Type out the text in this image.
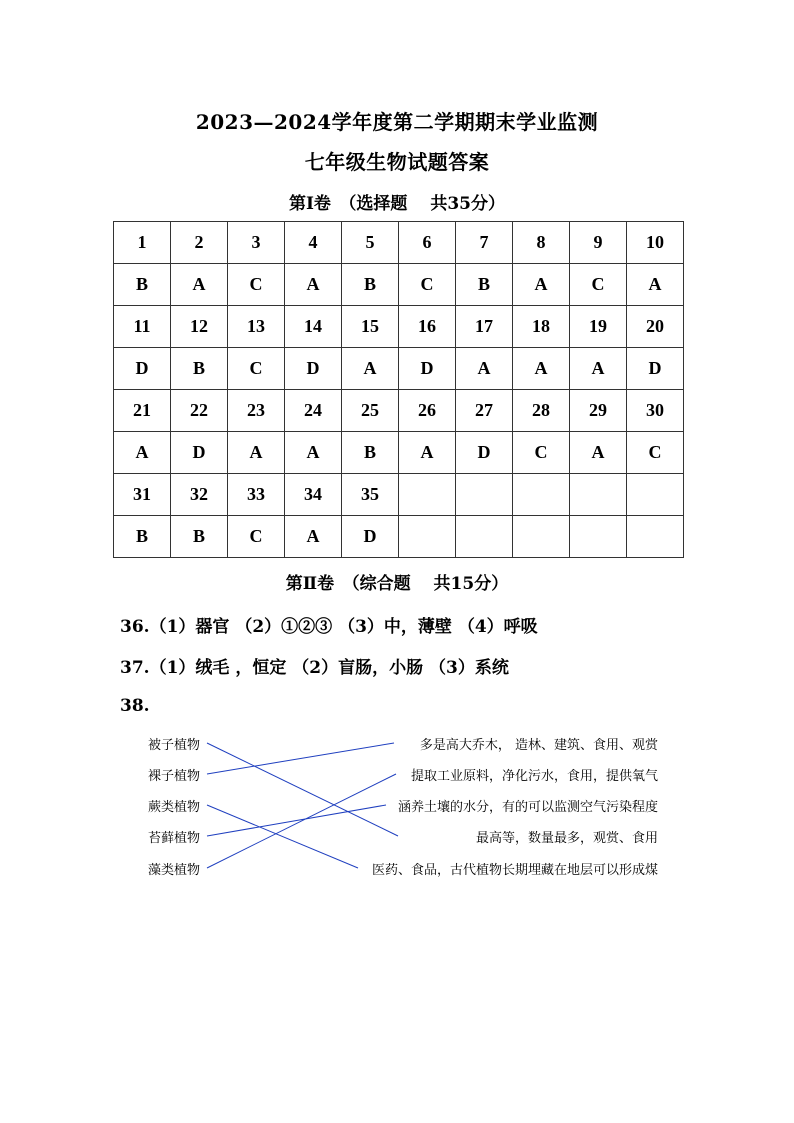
2023—2024学年度第二学期期末学业监测
七年级生物试题答案
第Ⅰ卷　（选择题　 共35分）
1	2	3	4	5	6	7	8	9	10
B	A	C	A	B	C	B	A	C	A
11	12	13	14	15	16	17	18	19	20
D	B	C	D	A	D	A	A	A	D
21	22	23	24	25	26	27	28	29	30
A	D	A	A	B	A	D	C	A	C
31	32	33	34	35					
B	B	C	A	D					
第Ⅱ卷　（综合题　 共15分）
36.（1）器官 （2）①②③ （3）中，薄壁 （4）呼吸
37.（1）绒毛 ，恒定 （2）盲肠，小肠 （3）系统
38.
被子植物
裸子植物
蕨类植物
苔藓植物
藻类植物
多是高大乔木， 造林、建筑、食用、观赏
提取工业原料，净化污水，食用，提供氧气
涵养土壤的水分，有的可以监测空气污染程度
最高等，数量最多，观赏、食用
医药、食品，古代植物长期埋藏在地层可以形成煤
